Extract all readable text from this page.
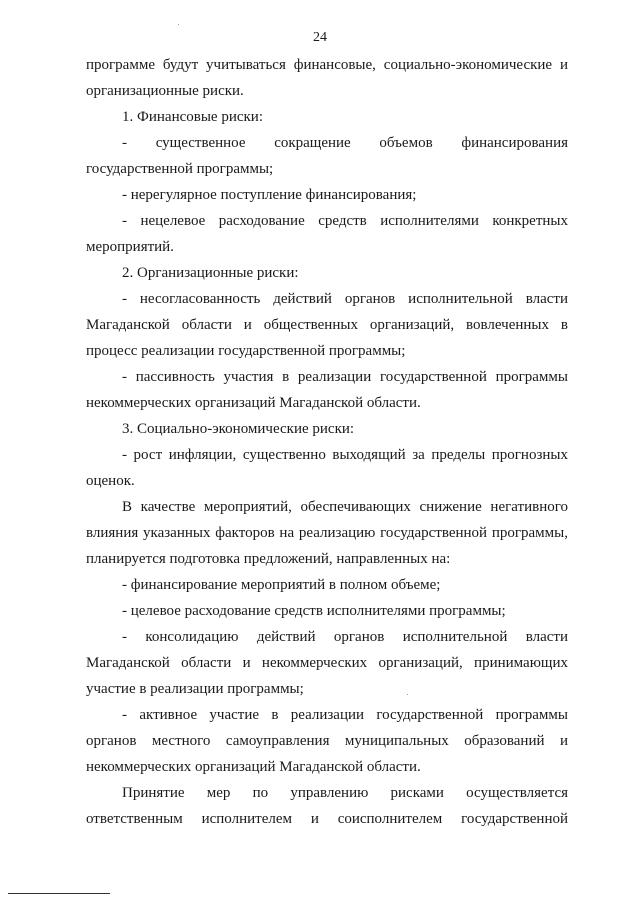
24

программе будут учитываться финансовые, социально-экономические и организационные риски.

1. Финансовые риски:

- существенное сокращение объемов финансирования государственной программы;

- нерегулярное поступление финансирования;

- нецелевое расходование средств исполнителями конкретных мероприятий.

2. Организационные риски:

- несогласованность действий органов исполнительной власти Магаданской области и общественных организаций, вовлеченных в процесс реализации государственной программы;

- пассивность участия в реализации государственной программы некоммерческих организаций Магаданской области.

3. Социально-экономические риски:

- рост инфляции, существенно выходящий за пределы прогнозных оценок.

В качестве мероприятий, обеспечивающих снижение негативного влияния указанных факторов на реализацию государственной программы, планируется подготовка предложений, направленных на:

- финансирование мероприятий в полном объеме;

- целевое расходование средств исполнителями программы;

- консолидацию действий органов исполнительной власти Магаданской области и некоммерческих организаций, принимающих участие в реализации программы;

- активное участие в реализации государственной программы органов местного самоуправления муниципальных образований и некоммерческих организаций Магаданской области.

Принятие мер по управлению рисками осуществляется ответственным исполнителем и соисполнителем государственной
